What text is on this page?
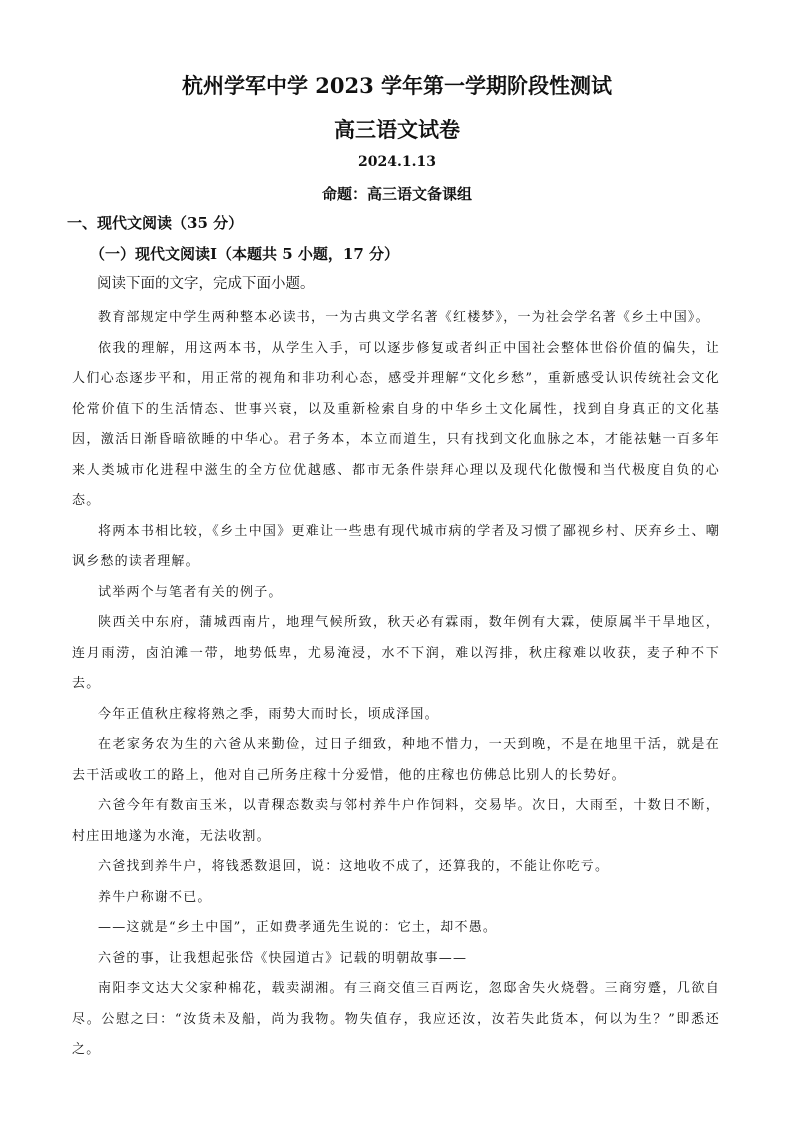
杭州学军中学 2023 学年第一学期阶段性测试
高三语文试卷
2024.1.13
命题：高三语文备课组
一、现代文阅读（35 分）
（一）现代文阅读Ⅰ（本题共 5 小题，17 分）
阅读下面的文字，完成下面小题。

教育部规定中学生两种整本必读书，一为古典文学名著《红楼梦》，一为社会学名著《乡土中国》。

依我的理解，用这两本书，从学生入手，可以逐步修复或者纠正中国社会整体世俗价值的偏失，让人们心态逐步平和，用正常的视角和非功利心态，感受并理解“文化乡愁”，重新感受认识传统社会文化伦常价值下的生活情态、世事兴衰，以及重新检索自身的中华乡土文化属性，找到自身真正的文化基因，激活日渐昏暗欲睡的中华心。君子务本，本立而道生，只有找到文化血脉之本，才能祛魅一百多年来人类城市化进程中滋生的全方位优越感、都市无条件崇拜心理以及现代化傲慢和当代极度自负的心态。

将两本书相比较，《乡土中国》更难让一些患有现代城市病的学者及习惯了鄙视乡村、厌弃乡土、嘲讽乡愁的读者理解。

试举两个与笔者有关的例子。

陕西关中东府，蒲城西南片，地理气候所致，秋天必有霖雨，数年例有大霖，使原属半干旱地区，连月雨涝，卤泊滩一带，地势低卑，尤易淹浸，水不下润，难以泻排，秋庄稼难以收获，麦子种不下去。

今年正值秋庄稼将熟之季，雨势大而时长，顷成泽国。

在老家务农为生的六爸从来勤俭，过日子细致，种地不惜力，一天到晚，不是在地里干活，就是在去干活或收工的路上，他对自己所务庄稼十分爱惜，他的庄稼也仿佛总比别人的长势好。

六爸今年有数亩玉米，以青稞态数卖与邻村养牛户作饲料，交易毕。次日，大雨至，十数日不断，村庄田地遂为水淹，无法收割。

六爸找到养牛户，将钱悉数退回，说：这地收不成了，还算我的，不能让你吃亏。

养牛户称谢不已。

——这就是“乡土中国”，正如费孝通先生说的：它土，却不愚。

六爸的事，让我想起张岱《快园道古》记载的明朝故事——

南阳李文达大父家种棉花，载卖湖湘。有三商交值三百两讫，忽邸舍失火烧磬。三商穷蹙，几欲自尽。公慰之曰：“汝货未及船，尚为我物。物失值存，我应还汝，汝若失此货本，何以为生？”即悉还之。
